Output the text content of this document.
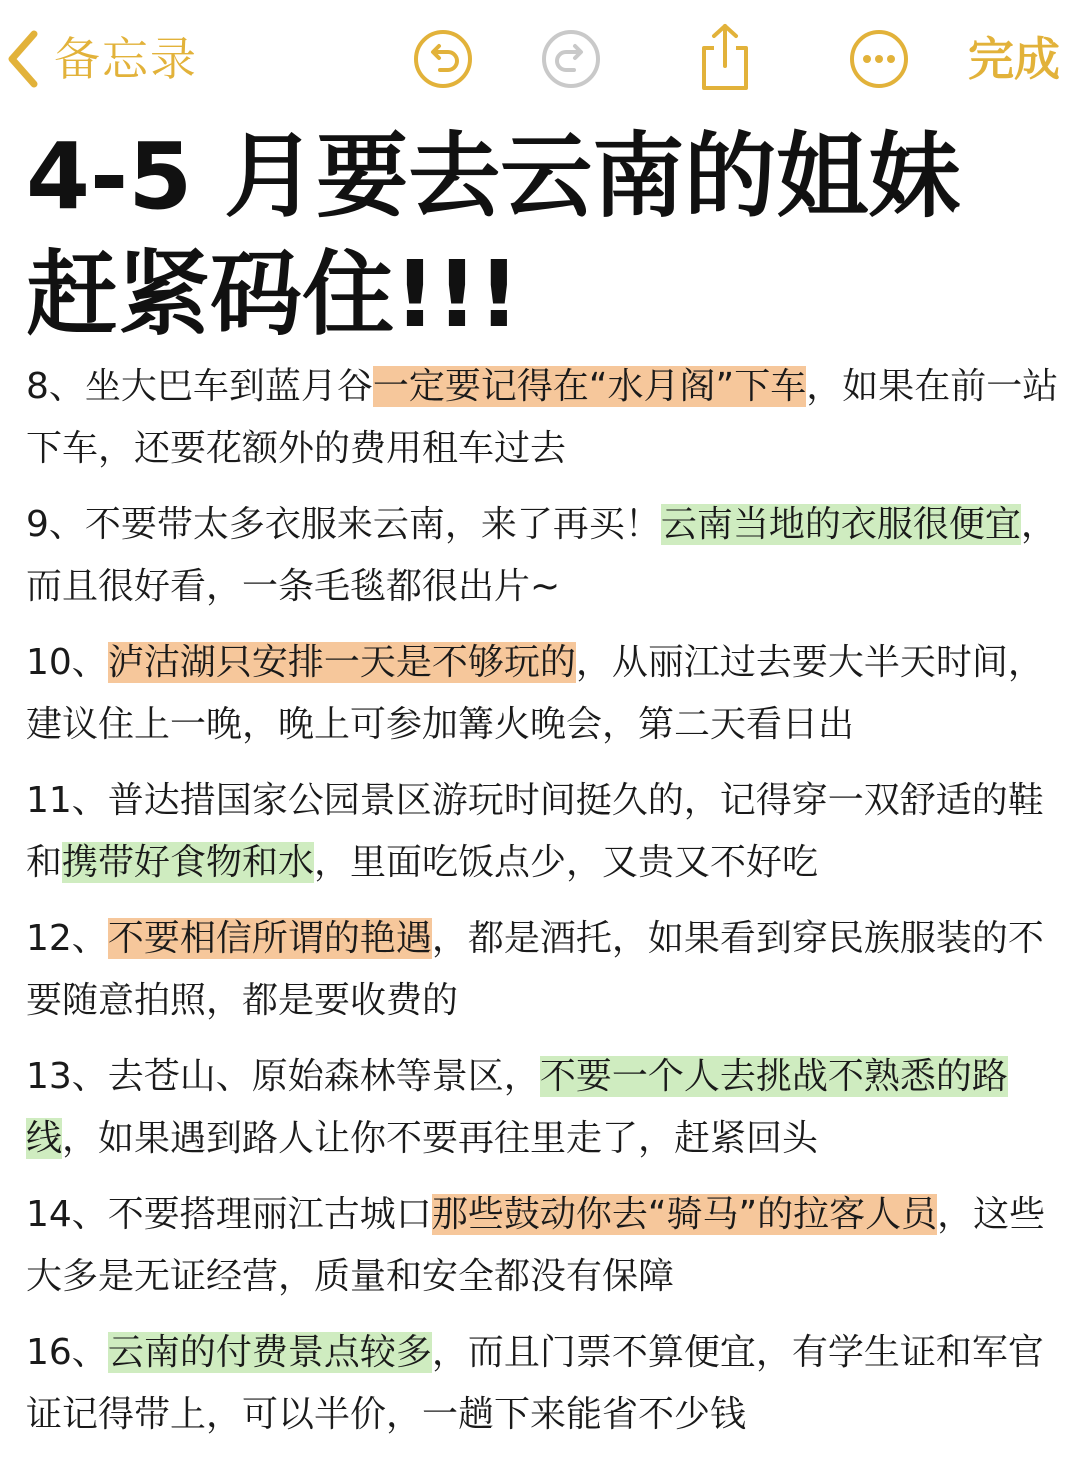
备忘录	完成
4-5 月要去云南的姐妹
赶紧码住!!!

8、坐大巴车到蓝月谷一定要记得在“水月阁”下车，如果在前一站下车，还要花额外的费用租车过去

9、不要带太多衣服来云南，来了再买！云南当地的衣服很便宜，而且很好看，一条毛毯都很出片~

10、泸沽湖只安排一天是不够玩的，从丽江过去要大半天时间，建议住上一晚，晚上可参加篝火晚会，第二天看日出

11、普达措国家公园景区游玩时间挺久的，记得穿一双舒适的鞋和携带好食物和水，里面吃饭点少，又贵又不好吃

12、不要相信所谓的艳遇，都是酒托，如果看到穿民族服装的不要随意拍照，都是要收费的

13、去苍山、原始森林等景区，不要一个人去挑战不熟悉的路线，如果遇到路人让你不要再往里走了，赶紧回头

14、不要搭理丽江古城口那些鼓动你去“骑马”的拉客人员，这些大多是无证经营，质量和安全都没有保障

16、云南的付费景点较多，而且门票不算便宜，有学生证和军官证记得带上，可以半价，一趟下来能省不少钱
